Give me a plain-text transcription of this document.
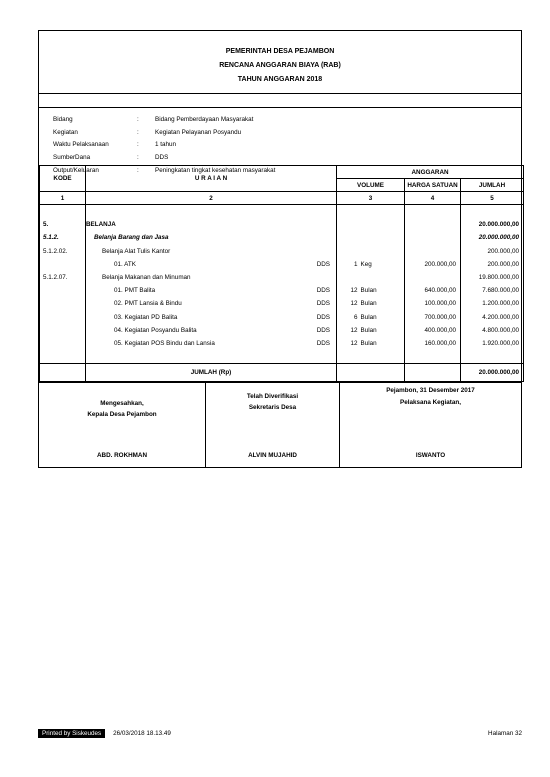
PEMERINTAH DESA PEJAMBON
RENCANA ANGGARAN BIAYA (RAB)
TAHUN ANGGARAN 2018
Bidang	:	Bidang Pemberdayaan Masyarakat
Kegiatan	:	Kegiatan Pelayanan Posyandu
Waktu Pelaksanaan	:	1 tahun
SumberDana	:	DDS
Output/Keluaran	:	Peningkatan tingkat kesehatan masyarakat
KODE	U R A I A N		ANGGARAN			
			VOLUME		HARGA SATUAN	JUMLAH
1	2		3		4	5

5.	BELANJA					20.000.000,00
5.1.2.	Belanja Barang dan Jasa					20.000.000,00
5.1.2.02.	Belanja Alat Tulis Kantor					200.000,00
	01. ATK	DDS	1	Keg	200.000,00	200.000,00
5.1.2.07.	Belanja Makanan dan Minuman					19.800.000,00
	01. PMT Balita	DDS	12	Bulan	640.000,00	7.680.000,00
	02. PMT Lansia & Bindu	DDS	12	Bulan	100.000,00	1.200.000,00
	03. Kegiatan PD Balita	DDS	6	Bulan	700.000,00	4.200.000,00
	04. Kegiatan Posyandu Balita	DDS	12	Bulan	400.000,00	4.800.000,00
	05. Kegiatan POS Bindu dan Lansia	DDS	12	Bulan	160.000,00	1.920.000,00

	JUMLAH (Rp)					20.000.000,00
Mengesahkan,
Kepala Desa Pejambon
ABD. ROKHMAN
Telah Diverifikasi
Sekretaris Desa
ALVIN MUJAHID
Pejambon, 31 Desember 2017
Pelaksana Kegiatan,
ISWANTO
Printed by Siskeudes	26/03/2018 18.13.49	Halaman 32
